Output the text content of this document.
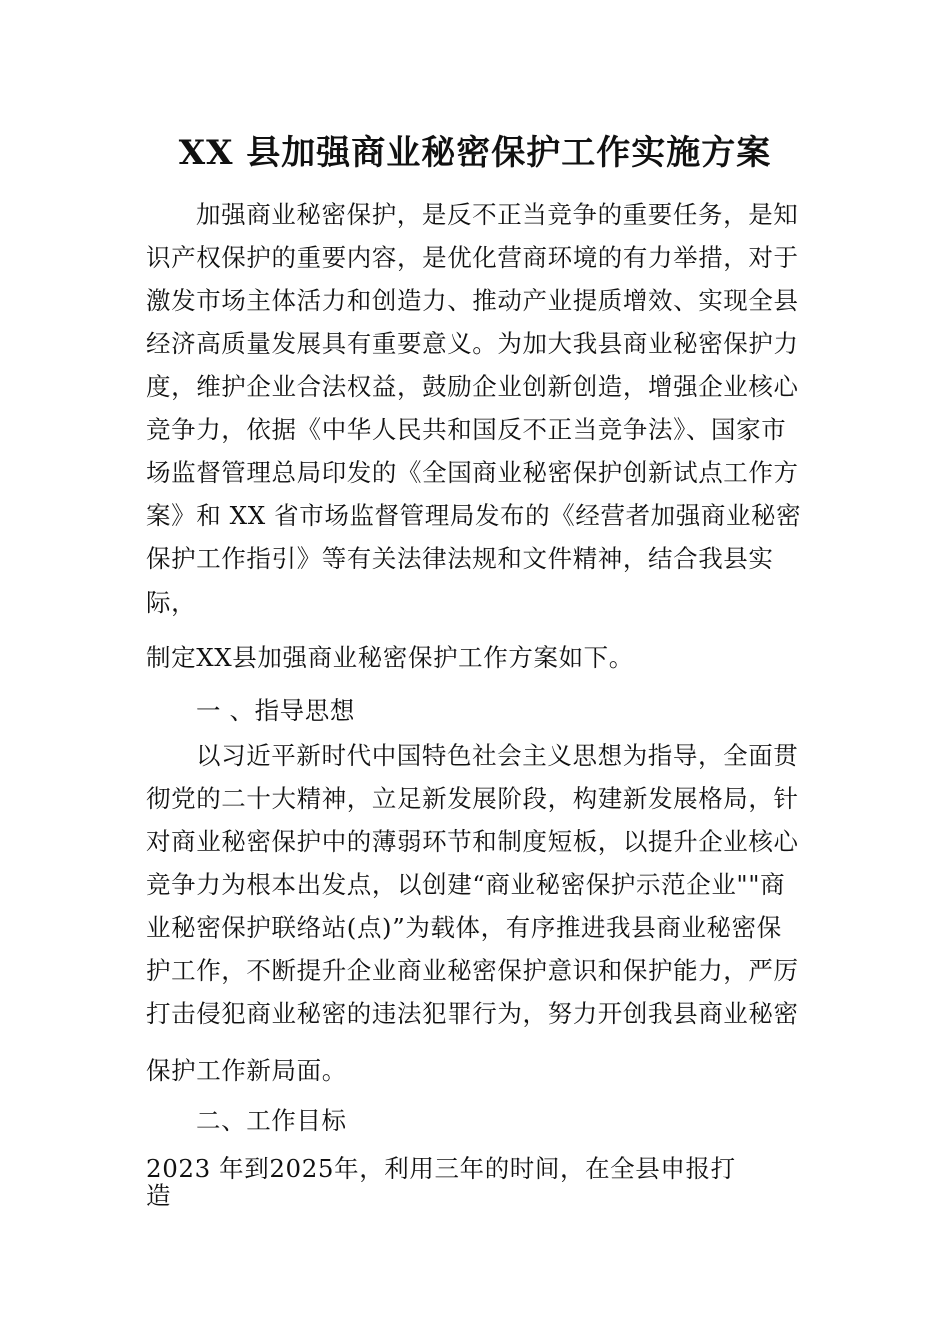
XX 县加强商业秘密保护工作实施方案
加强商业秘密保护，是反不正当竞争的重要任务，是知
识产权保护的重要内容，是优化营商环境的有力举措，对于
激发市场主体活力和创造力、推动产业提质增效、实现全县
经济高质量发展具有重要意义。为加大我县商业秘密保护力
度，维护企业合法权益，鼓励企业创新创造，增强企业核心
竞争力，依据《中华人民共和国反不正当竞争法》、国家市
场监督管理总局印发的《全国商业秘密保护创新试点工作方
案》和 XX 省市场监督管理局发布的《经营者加强商业秘密
保护工作指引》等有关法律法规和文件精神，结合我县实
际，
制定XX县加强商业秘密保护工作方案如下。
一 、指导思想
以习近平新时代中国特色社会主义思想为指导，全面贯
彻党的二十大精神，立足新发展阶段，构建新发展格局，针
对商业秘密保护中的薄弱环节和制度短板，以提升企业核心
竞争力为根本出发点，以创建“商业秘密保护示范企业""商
业秘密保护联络站(点)”为载体，有序推进我县商业秘密保
护工作，不断提升企业商业秘密保护意识和保护能力，严厉
打击侵犯商业秘密的违法犯罪行为，努力开创我县商业秘密
保护工作新局面。
二、工作目标
2023 年到2025年，利用三年的时间，在全县申报打
造
